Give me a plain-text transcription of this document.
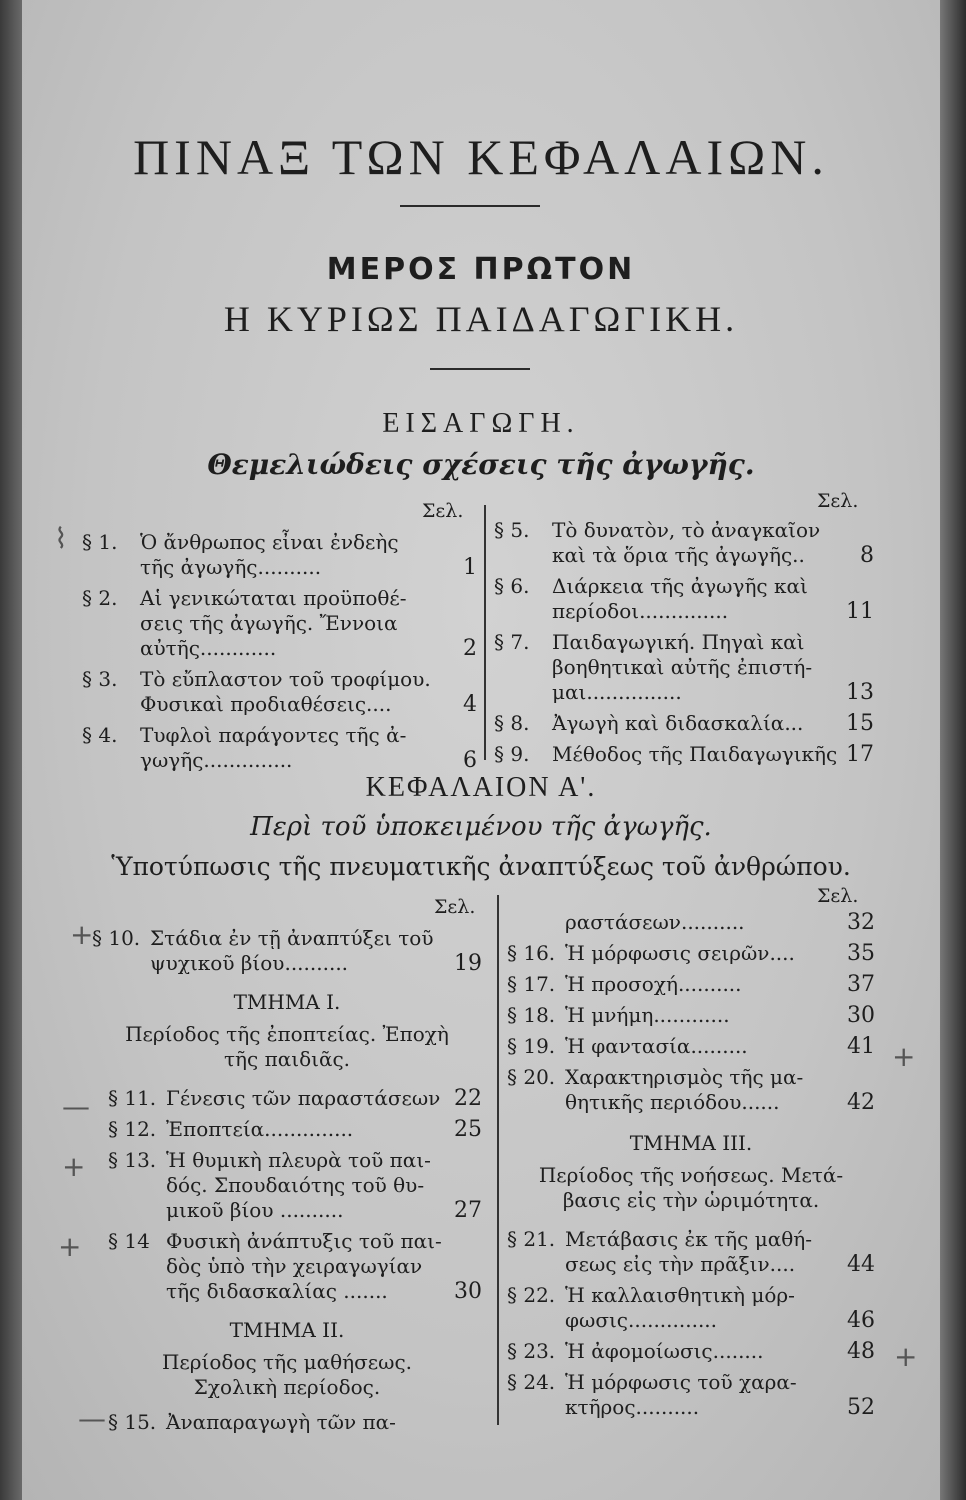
ΠΙΝΑΞ ΤΩΝ ΚΕΦΑΛΑΙΩΝ.
ΜΕΡΟΣ ΠΡΩΤΟΝ
Η ΚΥΡΙΩΣ ΠΑΙΔΑΓΩΓΙΚΗ.
ΕΙΣΑΓΩΓΗ.
Θεμελιώδεις σχέσεις τῆς ἀγωγῆς.
Σελ.	Σελ.
§ 1. Ὁ ἄνθρωπος εἶναι ἐνδεὴς
τῆς ἀγωγῆς..........	1
§ 2. Αἱ γενικώταται προϋποθέ-
σεις τῆς ἀγωγῆς. Ἔννοια
αὐτῆς............	2
§ 3. Τὸ εὔπλαστον τοῦ τροφίμου.
Φυσικαὶ προδιαθέσεις....	4
§ 4. Τυφλοὶ παράγοντες τῆς ἀ-
γωγῆς..............	6
§ 5. Τὸ δυνατὸν, τὸ ἀναγκαῖον
καὶ τὰ ὅρια τῆς ἀγωγῆς..	8
§ 6. Διάρκεια τῆς ἀγωγῆς καὶ
περίοδοι..............	11
§ 7. Παιδαγωγική. Πηγαὶ καὶ
βοηθητικαὶ αὐτῆς ἐπιστή-
μαι...............	13
§ 8. Ἀγωγὴ καὶ διδασκαλία...	15
§ 9. Μέθοδος τῆς Παιδαγωγικῆς 17
ΚΕΦΑΛΑΙΟΝ Α'.
Περὶ τοῦ ὑποκειμένου τῆς ἀγωγῆς.
Ὑποτύπωσις τῆς πνευματικῆς ἀναπτύξεως τοῦ ἀνθρώπου.
Σελ.	Σελ.
§ 10. Στάδια ἐν τῇ ἀναπτύξει τοῦ
ψυχικοῦ βίου..........	19
ΤΜΗΜΑ Ι.
Περίοδος τῆς ἐποπτείας. Ἐποχὴ
τῆς παιδιᾶς.
§ 11. Γένεσις τῶν παραστάσεων 22
§ 12. Ἐποπτεία..............	25
§ 13. Ἡ θυμικὴ πλευρὰ τοῦ παι-
δός. Σπουδαιότης τοῦ θυ-
μικοῦ βίου ..........	27
§ 14 Φυσικὴ ἀνάπτυξις τοῦ παι-
δὸς ὑπὸ τὴν χειραγωγίαν
τῆς διδασκαλίας .......	30
ΤΜΗΜΑ ΙΙ.
Περίοδος τῆς μαθήσεως.
Σχολικὴ περίοδος.
§ 15. Ἀναπαραγωγὴ τῶν πα-
ραστάσεων..........	32
§ 16. Ἡ μόρφωσις σειρῶν....	35
§ 17. Ἡ προσοχή..........	37
§ 18. Ἡ μνήμη............	30
§ 19. Ἡ φαντασία.........	41
§ 20. Χαρακτηρισμὸς τῆς μα-
θητικῆς περιόδου......	42
ΤΜΗΜΑ ΙΙΙ.
Περίοδος τῆς νοήσεως. Μετά-
βασις εἰς τὴν ὡριμότητα.
§ 21. Μετάβασις ἐκ τῆς μαθή-
σεως εἰς τὴν πρᾶξιν....	44
§ 22. Ἡ καλλαισθητικὴ μόρ-
φωσις..............	46
§ 23. Ἡ ἀφομοίωσις........	48
§ 24. Ἡ μόρφωσις τοῦ χαρα-
κτῆρος..........	52
⌇
+
—
+
+
—
+
+
